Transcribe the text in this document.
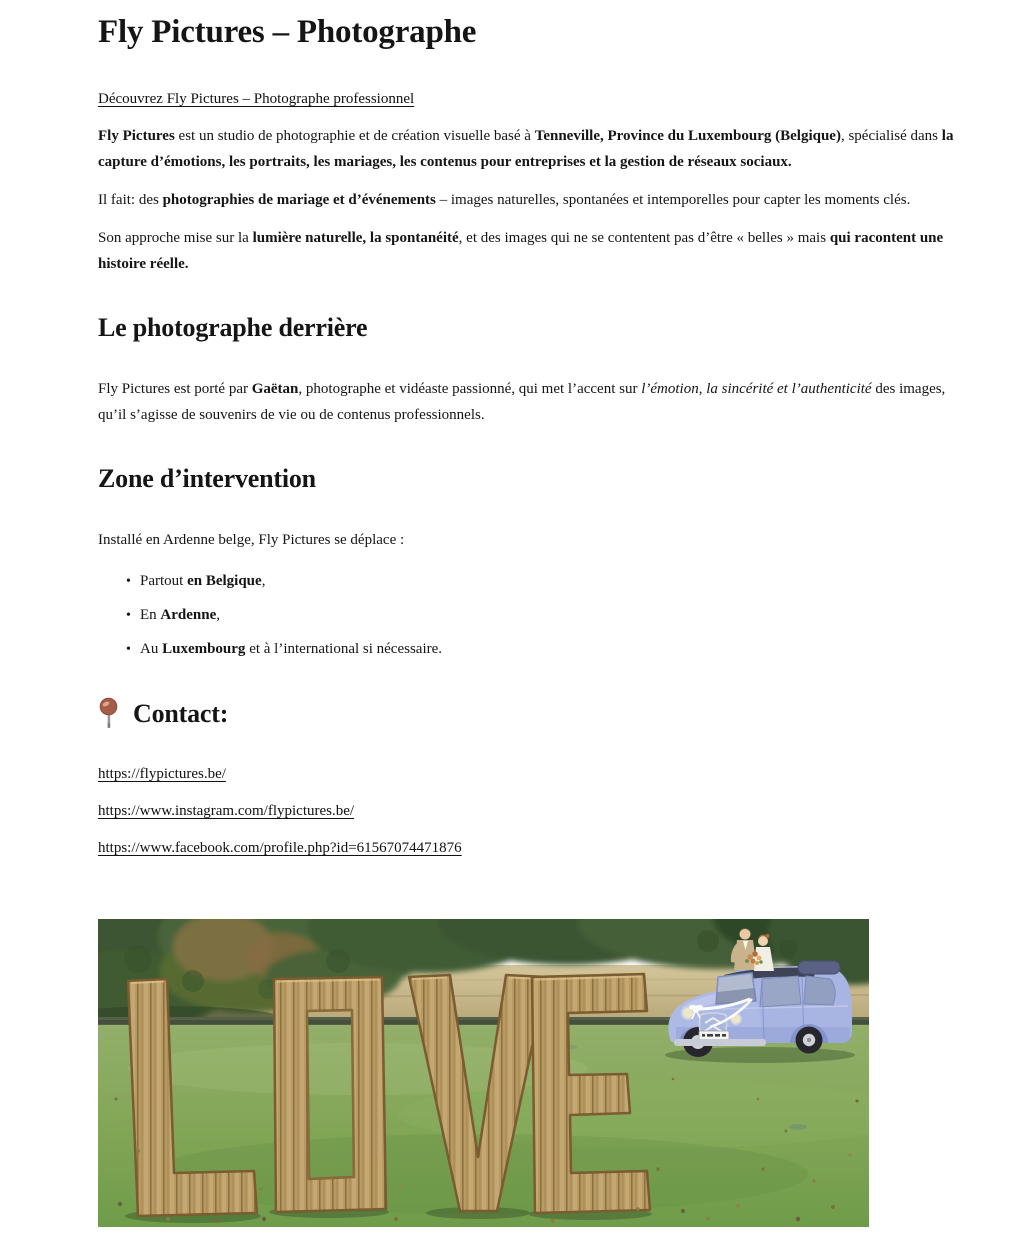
Fly Pictures – Photographe

Découvrez Fly Pictures – Photographe professionnel

Fly Pictures est un studio de photographie et de création visuelle basé à Tenneville, Province du Luxembourg (Belgique), spécialisé dans la capture d’émotions, les portraits, les mariages, les contenus pour entreprises et la gestion de réseaux sociaux.

Il fait: des photographies de mariage et d’événements – images naturelles, spontanées et intemporelles pour capter les moments clés.

Son approche mise sur la lumière naturelle, la spontanéité, et des images qui ne se contentent pas d’être « belles » mais qui racontent une histoire réelle.

Le photographe derrière

Fly Pictures est porté par Gaëtan, photographe et vidéaste passionné, qui met l’accent sur l’émotion, la sincérité et l’authenticité des images, qu’il s’agisse de souvenirs de vie ou de contenus professionnels.

Zone d’intervention

Installé en Ardenne belge, Fly Pictures se déplace :

• Partout en Belgique,
• En Ardenne,
• Au Luxembourg et à l’international si nécessaire.
Contact:

https://flypictures.be/

https://www.instagram.com/flypictures.be/

https://www.facebook.com/profile.php?id=61567074471876
